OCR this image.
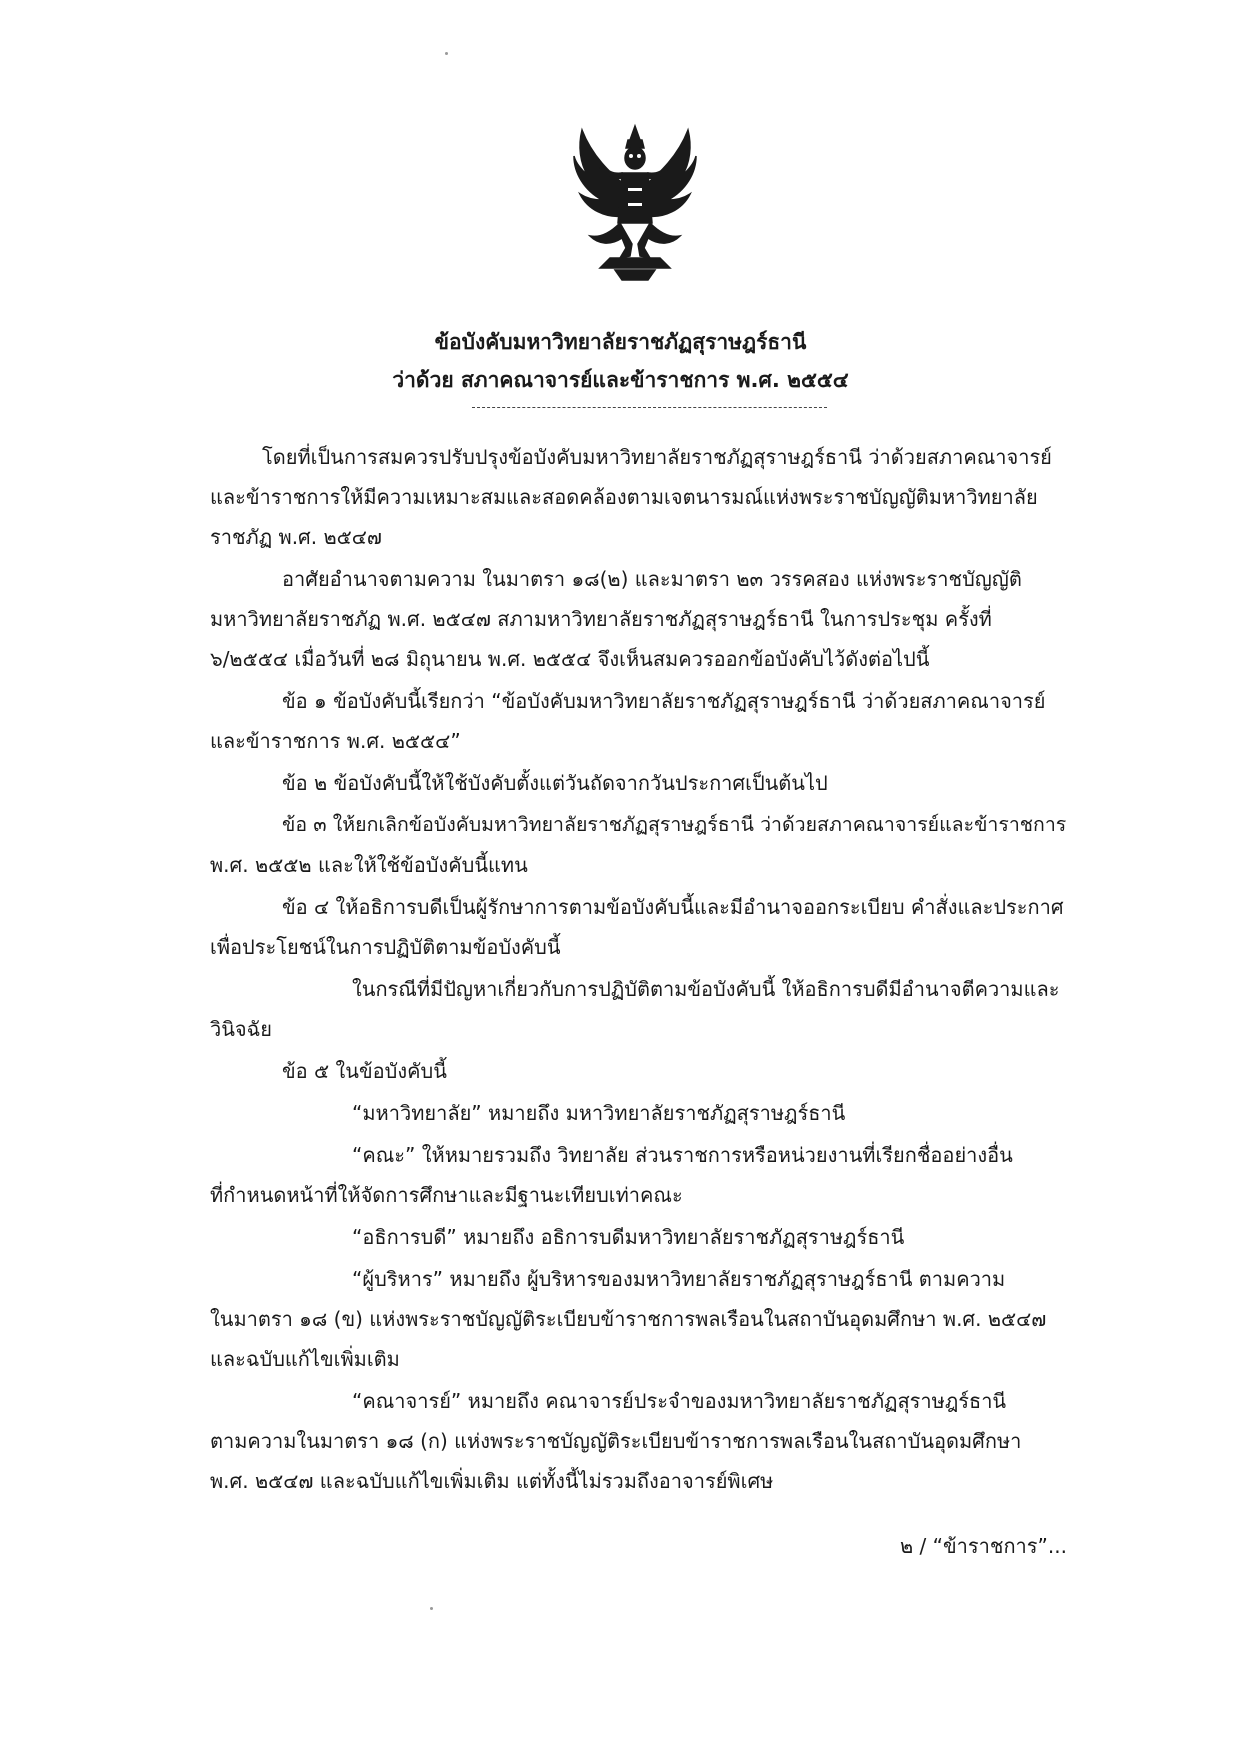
ข้อบังคับมหาวิทยาลัยราชภัฏสุราษฎร์ธานี
ว่าด้วย สภาคณาจารย์และข้าราชการ พ.ศ. ๒๕๕๔
โดยที่เป็นการสมควรปรับปรุงข้อบังคับมหาวิทยาลัยราชภัฏสุราษฎร์ธานี ว่าด้วยสภาคณาจารย์
และข้าราชการให้มีความเหมาะสมและสอดคล้องตามเจตนารมณ์แห่งพระราชบัญญัติมหาวิทยาลัย
ราชภัฏ พ.ศ. ๒๕๔๗
อาศัยอำนาจตามความ ในมาตรา ๑๘(๒) และมาตรา ๒๓ วรรคสอง แห่งพระราชบัญญัติ
มหาวิทยาลัยราชภัฏ พ.ศ. ๒๕๔๗ สภามหาวิทยาลัยราชภัฏสุราษฎร์ธานี ในการประชุม ครั้งที่
๖/๒๕๕๔ เมื่อวันที่ ๒๘ มิถุนายน พ.ศ. ๒๕๕๔ จึงเห็นสมควรออกข้อบังคับไว้ดังต่อไปนี้
ข้อ ๑ ข้อบังคับนี้เรียกว่า “ข้อบังคับมหาวิทยาลัยราชภัฏสุราษฎร์ธานี ว่าด้วยสภาคณาจารย์
และข้าราชการ พ.ศ. ๒๕๕๔”
ข้อ ๒ ข้อบังคับนี้ให้ใช้บังคับตั้งแต่วันถัดจากวันประกาศเป็นต้นไป
ข้อ ๓ ให้ยกเลิกข้อบังคับมหาวิทยาลัยราชภัฏสุราษฎร์ธานี ว่าด้วยสภาคณาจารย์และข้าราชการ
พ.ศ. ๒๕๕๒ และให้ใช้ข้อบังคับนี้แทน
ข้อ ๔ ให้อธิการบดีเป็นผู้รักษาการตามข้อบังคับนี้และมีอำนาจออกระเบียบ คำสั่งและประกาศ
เพื่อประโยชน์ในการปฏิบัติตามข้อบังคับนี้
ในกรณีที่มีปัญหาเกี่ยวกับการปฏิบัติตามข้อบังคับนี้ ให้อธิการบดีมีอำนาจตีความและ
วินิจฉัย
ข้อ ๕ ในข้อบังคับนี้
“มหาวิทยาลัย” หมายถึง มหาวิทยาลัยราชภัฏสุราษฎร์ธานี
“คณะ” ให้หมายรวมถึง วิทยาลัย ส่วนราชการหรือหน่วยงานที่เรียกชื่ออย่างอื่น
ที่กำหนดหน้าที่ให้จัดการศึกษาและมีฐานะเทียบเท่าคณะ
“อธิการบดี” หมายถึง อธิการบดีมหาวิทยาลัยราชภัฏสุราษฎร์ธานี
“ผู้บริหาร” หมายถึง ผู้บริหารของมหาวิทยาลัยราชภัฏสุราษฎร์ธานี ตามความ
ในมาตรา ๑๘ (ข) แห่งพระราชบัญญัติระเบียบข้าราชการพลเรือนในสถาบันอุดมศึกษา พ.ศ. ๒๕๔๗
และฉบับแก้ไขเพิ่มเติม
“คณาจารย์” หมายถึง คณาจารย์ประจำของมหาวิทยาลัยราชภัฏสุราษฎร์ธานี
ตามความในมาตรา ๑๘ (ก) แห่งพระราชบัญญัติระเบียบข้าราชการพลเรือนในสถาบันอุดมศึกษา
พ.ศ. ๒๕๔๗ และฉบับแก้ไขเพิ่มเติม แต่ทั้งนี้ไม่รวมถึงอาจารย์พิเศษ
๒ / “ข้าราชการ”...
